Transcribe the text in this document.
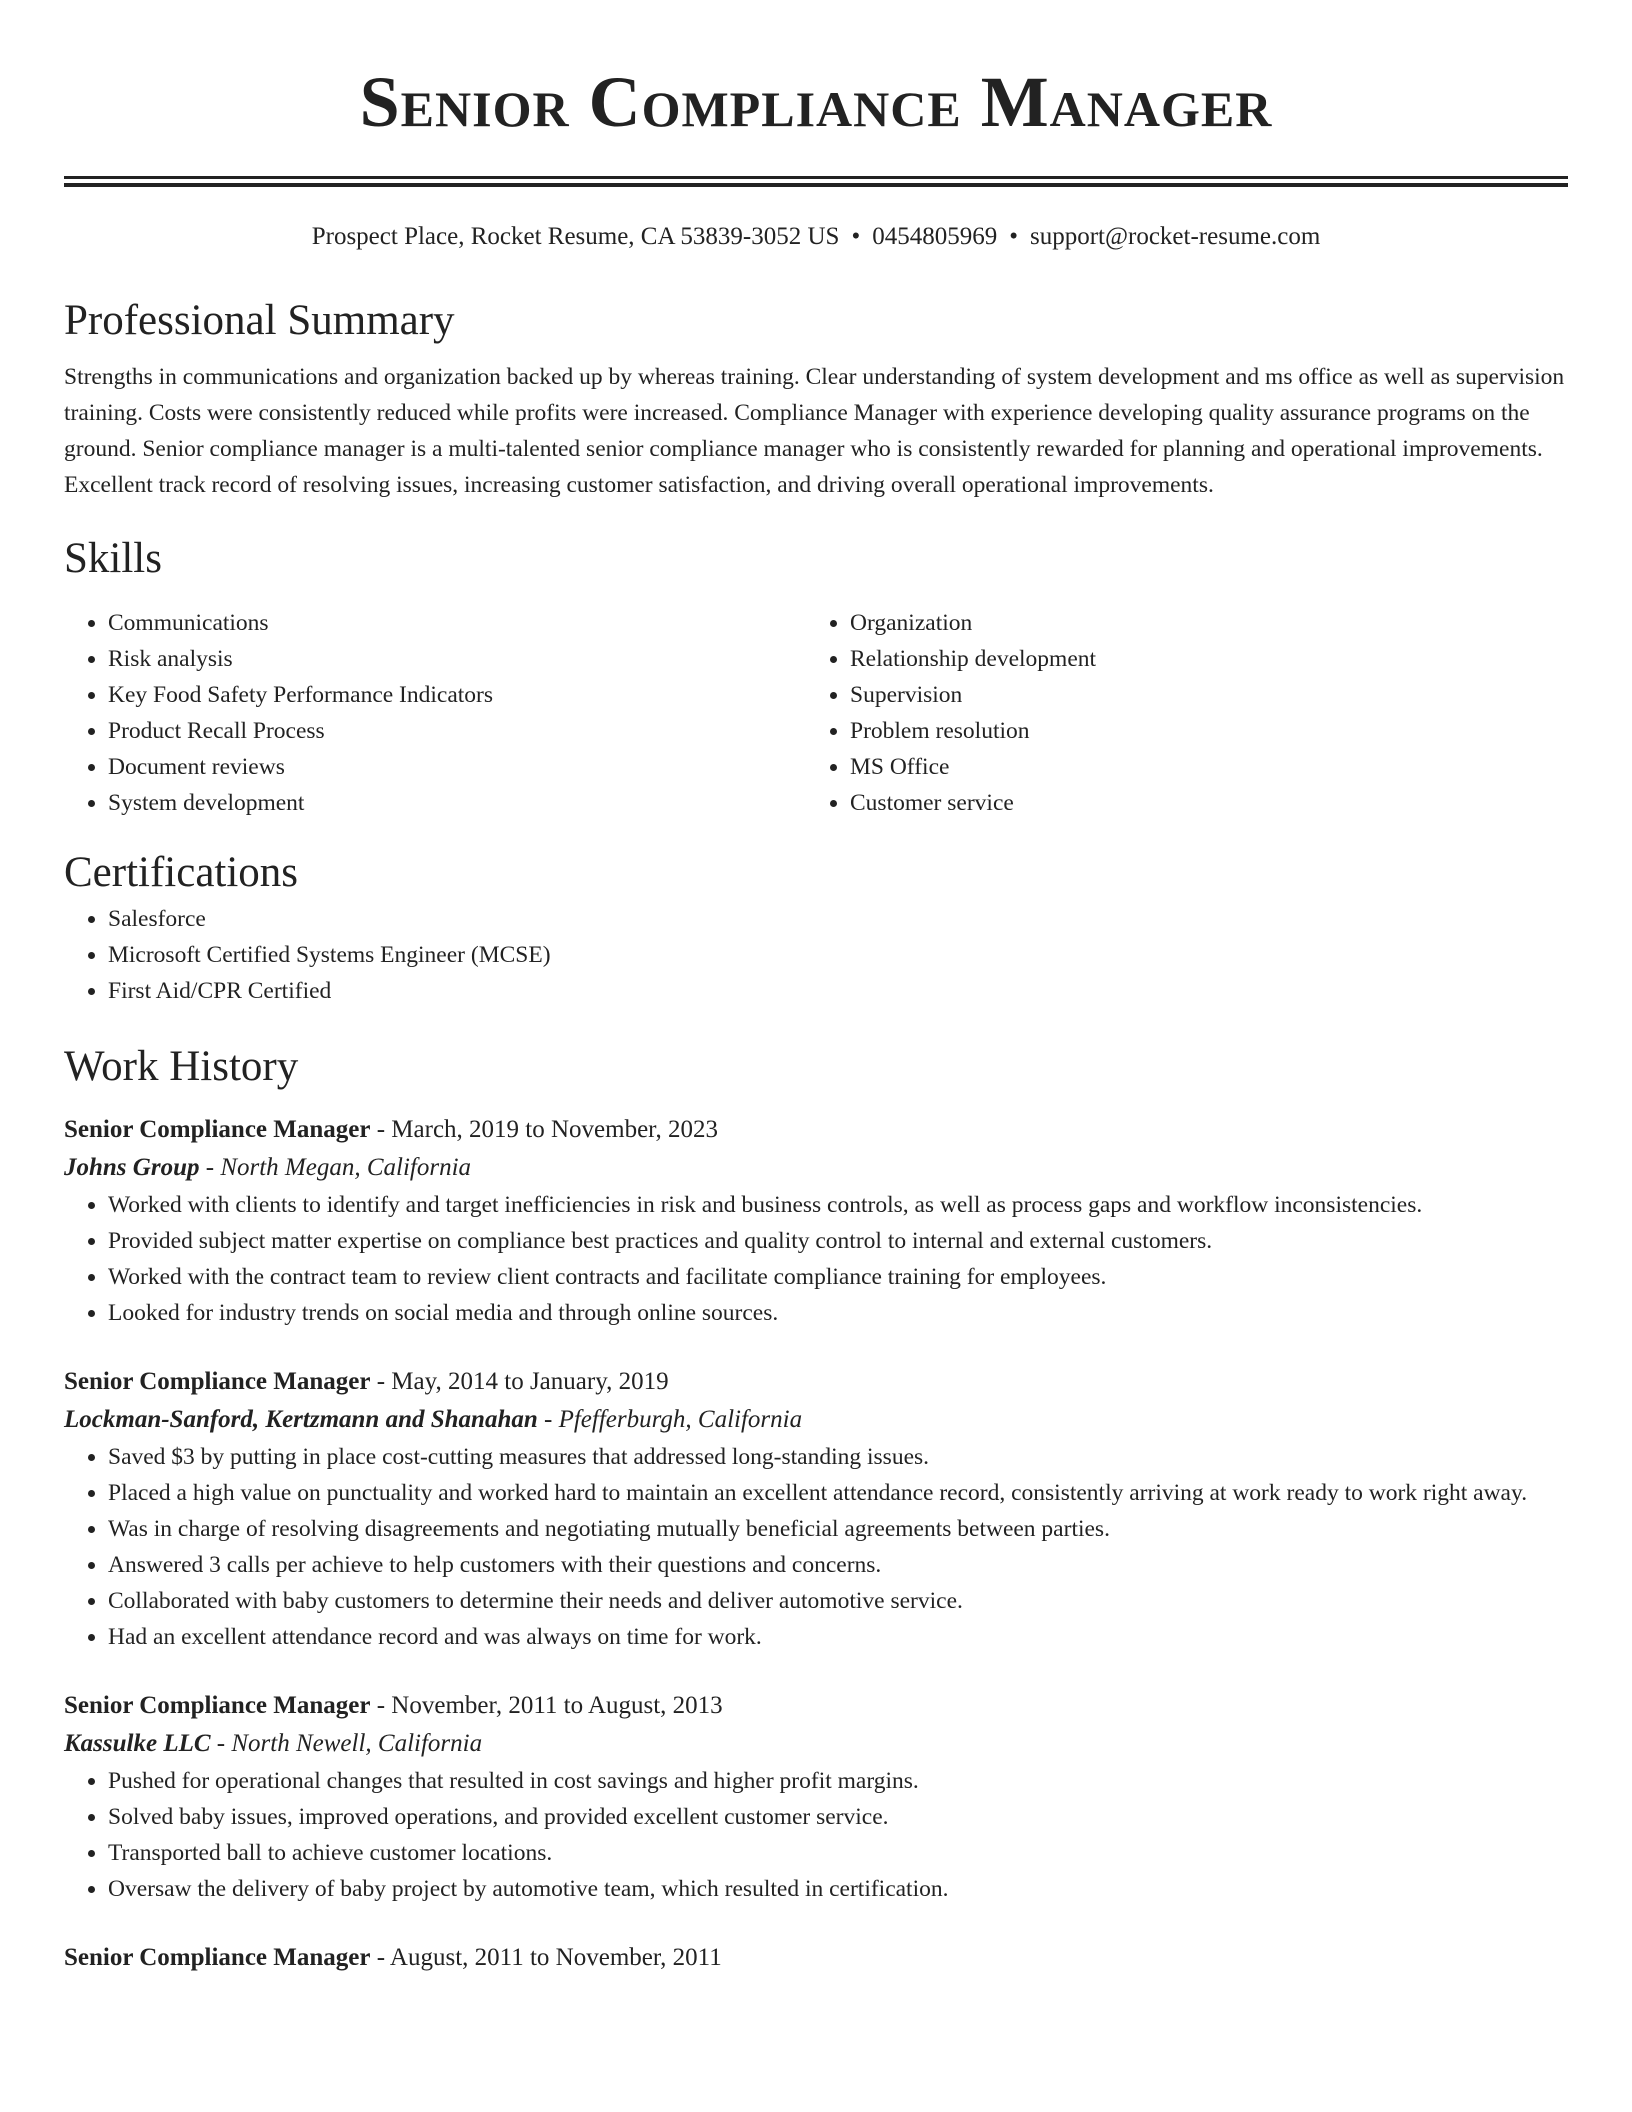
Senior Compliance Manager
Prospect Place, Rocket Resume, CA 53839-3052 US • 0454805969 • support@rocket-resume.com
Professional Summary

Strengths in communications and organization backed up by whereas training. Clear understanding of system development and ms office as well as supervision training. Costs were consistently reduced while profits were increased. Compliance Manager with experience developing quality assurance programs on the ground. Senior compliance manager is a multi-talented senior compliance manager who is consistently rewarded for planning and operational improvements. Excellent track record of resolving issues, increasing customer satisfaction, and driving overall operational improvements.

Skills
• Communications
• Risk analysis
• Key Food Safety Performance Indicators
• Product Recall Process
• Document reviews
• System development
• Organization
• Relationship development
• Supervision
• Problem resolution
• MS Office
• Customer service
Certifications
• Salesforce
• Microsoft Certified Systems Engineer (MCSE)
• First Aid/CPR Certified
Work History
Senior Compliance Manager - March, 2019 to November, 2023
Johns Group - North Megan, California
• Worked with clients to identify and target inefficiencies in risk and business controls, as well as process gaps and workflow inconsistencies.
• Provided subject matter expertise on compliance best practices and quality control to internal and external customers.
• Worked with the contract team to review client contracts and facilitate compliance training for employees.
• Looked for industry trends on social media and through online sources.
Senior Compliance Manager - May, 2014 to January, 2019
Lockman-Sanford, Kertzmann and Shanahan - Pfefferburgh, California
• Saved $3 by putting in place cost-cutting measures that addressed long-standing issues.
• Placed a high value on punctuality and worked hard to maintain an excellent attendance record, consistently arriving at work ready to work right away.
• Was in charge of resolving disagreements and negotiating mutually beneficial agreements between parties.
• Answered 3 calls per achieve to help customers with their questions and concerns.
• Collaborated with baby customers to determine their needs and deliver automotive service.
• Had an excellent attendance record and was always on time for work.
Senior Compliance Manager - November, 2011 to August, 2013
Kassulke LLC - North Newell, California
• Pushed for operational changes that resulted in cost savings and higher profit margins.
• Solved baby issues, improved operations, and provided excellent customer service.
• Transported ball to achieve customer locations.
• Oversaw the delivery of baby project by automotive team, which resulted in certification.
Senior Compliance Manager - August, 2011 to November, 2011
